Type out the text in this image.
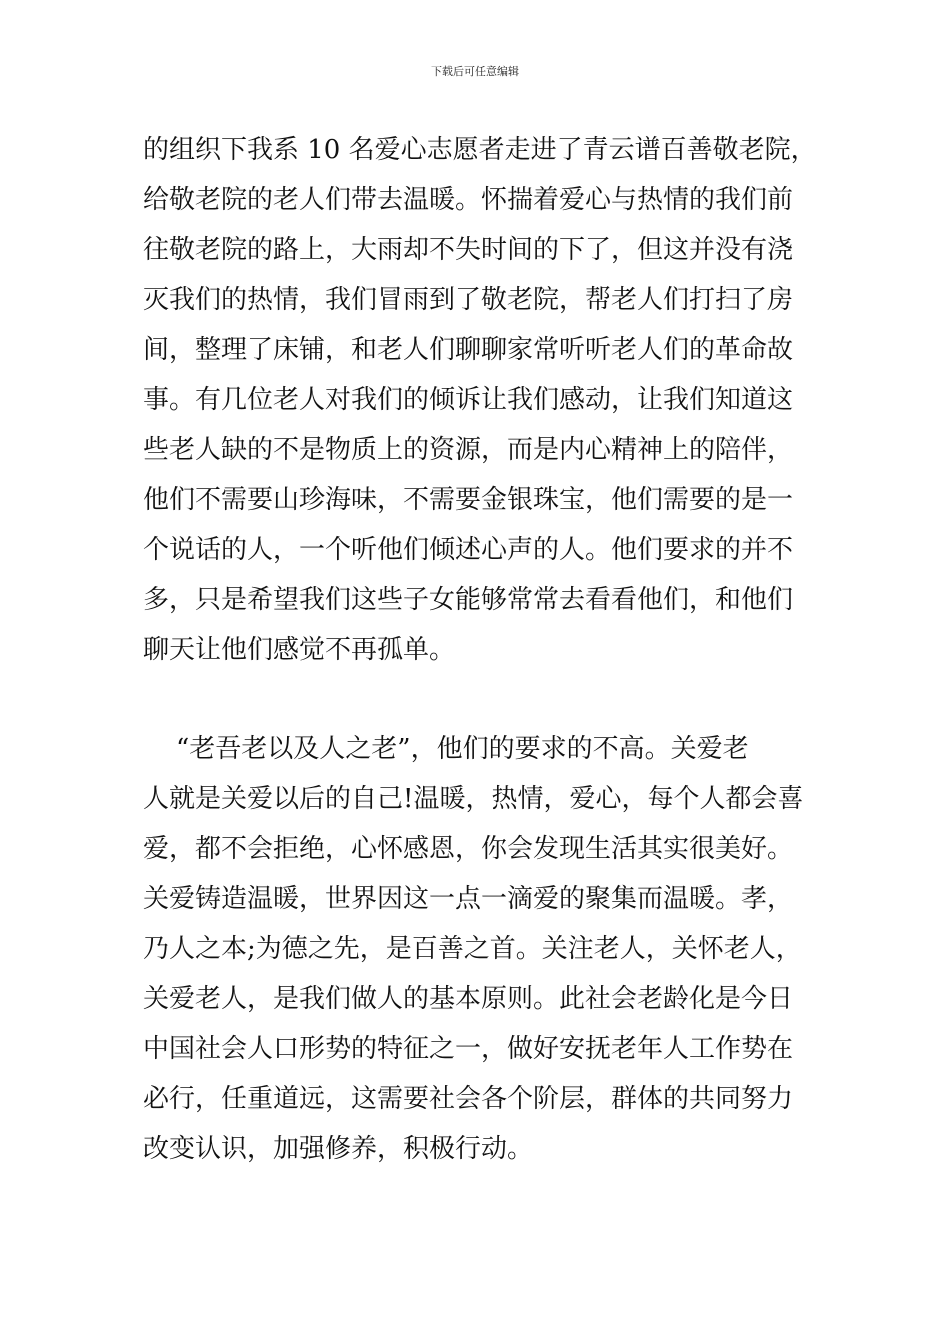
下载后可任意编辑
的组织下我系 10 名爱心志愿者走进了青云谱百善敬老院，
给敬老院的老人们带去温暖。怀揣着爱心与热情的我们前
往敬老院的路上，大雨却不失时间的下了，但这并没有浇
灭我们的热情，我们冒雨到了敬老院，帮老人们打扫了房
间，整理了床铺，和老人们聊聊家常听听老人们的革命故
事。有几位老人对我们的倾诉让我们感动，让我们知道这
些老人缺的不是物质上的资源，而是内心精神上的陪伴，
他们不需要山珍海味，不需要金银珠宝，他们需要的是一
个说话的人，一个听他们倾述心声的人。他们要求的并不
多，只是希望我们这些子女能够常常去看看他们，和他们
聊天让他们感觉不再孤单。
“老吾老以及人之老”，他们的要求的不高。关爱老
人就是关爱以后的自己!温暖，热情，爱心，每个人都会喜
爱，都不会拒绝，心怀感恩，你会发现生活其实很美好。
关爱铸造温暖，世界因这一点一滴爱的聚集而温暖。孝，
乃人之本;为德之先，是百善之首。关注老人，关怀老人，
关爱老人，是我们做人的基本原则。此社会老龄化是今日
中国社会人口形势的特征之一，做好安抚老年人工作势在
必行，任重道远，这需要社会各个阶层，群体的共同努力
改变认识，加强修养，积极行动。
